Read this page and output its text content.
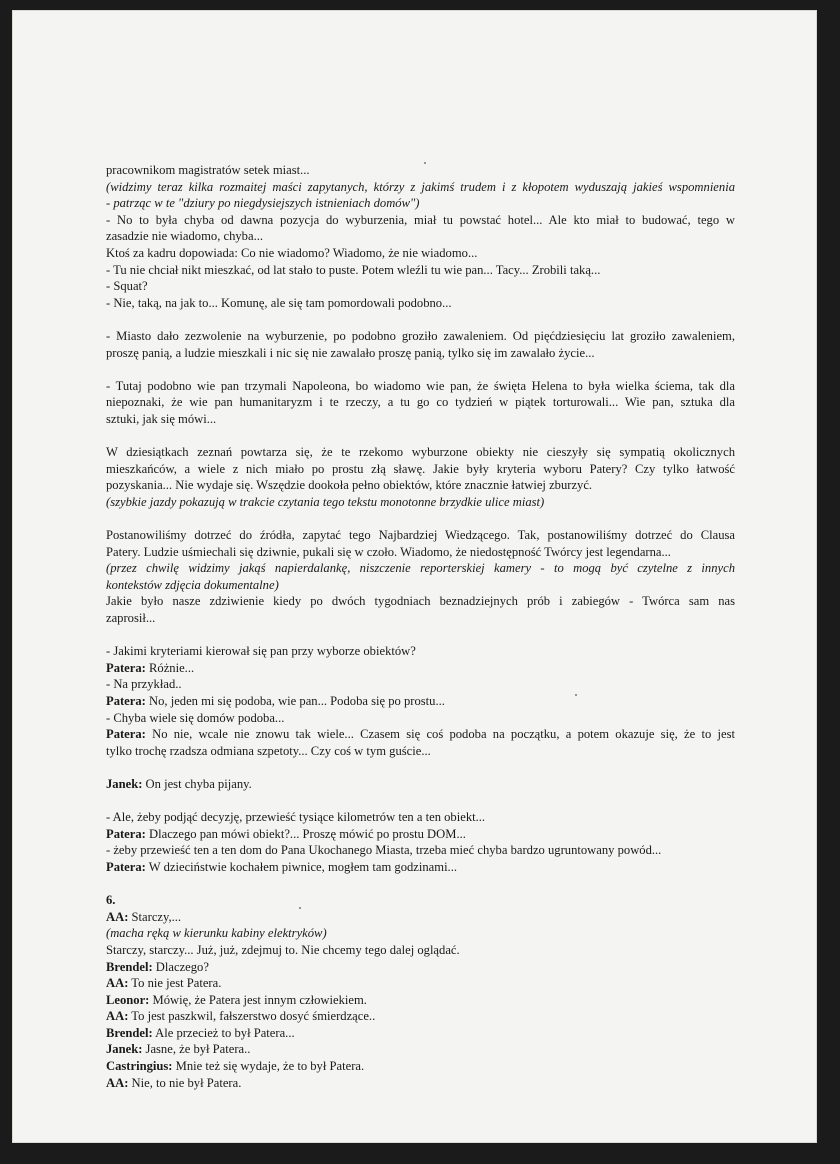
pracownikom magistratów setek miast...
(widzimy teraz kilka rozmaitej maści zapytanych, którzy z jakimś trudem i z kłopotem wyduszają jakieś wspomnienia
- patrząc w te "dziury po niegdysiejszych istnieniach domów")
- No to była chyba od dawna pozycja do wyburzenia, miał tu powstać hotel... Ale kto miał to budować, tego w
zasadzie nie wiadomo, chyba...
Ktoś za kadru dopowiada: Co nie wiadomo? Wiadomo, że nie wiadomo...
- Tu nie chciał nikt mieszkać, od lat stało to puste. Potem wleźli tu wie pan... Tacy... Zrobili taką...
- Squat?
- Nie, taką, na jak to... Komunę, ale się tam pomordowali podobno...
- Miasto dało zezwolenie na wyburzenie, po podobno groziło zawaleniem. Od pięćdziesięciu lat groziło zawaleniem,
proszę panią, a ludzie mieszkali i nic się nie zawalało proszę panią, tylko się im zawalało życie...
- Tutaj podobno wie pan trzymali Napoleona, bo wiadomo wie pan, że święta Helena to była wielka ściema, tak dla
niepoznaki, że wie pan humanitaryzm i te rzeczy, a tu go co tydzień w piątek torturowali... Wie pan, sztuka dla
sztuki, jak się mówi...
W dziesiątkach zeznań powtarza się, że te rzekomo wyburzone obiekty nie cieszyły się sympatią okolicznych
mieszkańców, a wiele z nich miało po prostu złą sławę. Jakie były kryteria wyboru Patery? Czy tylko łatwość
pozyskania... Nie wydaje się. Wszędzie dookoła pełno obiektów, które znacznie łatwiej zburzyć.
(szybkie jazdy pokazują w trakcie czytania tego tekstu monotonne brzydkie ulice miast)
Postanowiliśmy dotrzeć do źródła, zapytać tego Najbardziej Wiedzącego. Tak, postanowiliśmy dotrzeć do Clausa
Patery. Ludzie uśmiechali się dziwnie, pukali się w czoło. Wiadomo, że niedostępność Twórcy jest legendarna...
(przez chwilę widzimy jakąś napierdalankę, niszczenie reporterskiej kamery - to mogą być czytelne z innych
kontekstów zdjęcia dokumentalne)
Jakie było nasze zdziwienie kiedy po dwóch tygodniach beznadziejnych prób i zabiegów - Twórca sam nas
zaprosił...
- Jakimi kryteriami kierował się pan przy wyborze obiektów?
Patera: Różnie...
- Na przykład..
Patera: No, jeden mi się podoba, wie pan... Podoba się po prostu...
- Chyba wiele się domów podoba...
Patera: No nie, wcale nie znowu tak wiele... Czasem się coś podoba na początku, a potem okazuje się, że to jest
tylko trochę rzadsza odmiana szpetoty... Czy coś w tym guście...
Janek: On jest chyba pijany.
- Ale, żeby podjąć decyzję, przewieść tysiące kilometrów ten a ten obiekt...
Patera: Dlaczego pan mówi obiekt?... Proszę mówić po prostu DOM...
- żeby przewieść ten a ten dom do Pana Ukochanego Miasta, trzeba mieć chyba bardzo ugruntowany powód...
Patera: W dzieciństwie kochałem piwnice, mogłem tam godzinami...
6.
AA: Starczy,...
(macha ręką w kierunku kabiny elektryków)
Starczy, starczy... Już, już, zdejmuj to. Nie chcemy tego dalej oglądać.
Brendel: Dlaczego?
AA: To nie jest Patera.
Leonor: Mówię, że Patera jest innym człowiekiem.
AA: To jest paszkwil, fałszerstwo dosyć śmierdzące..
Brendel: Ale przecież to był Patera...
Janek: Jasne, że był Patera..
Castringius: Mnie też się wydaje, że to był Patera.
AA: Nie, to nie był Patera.
